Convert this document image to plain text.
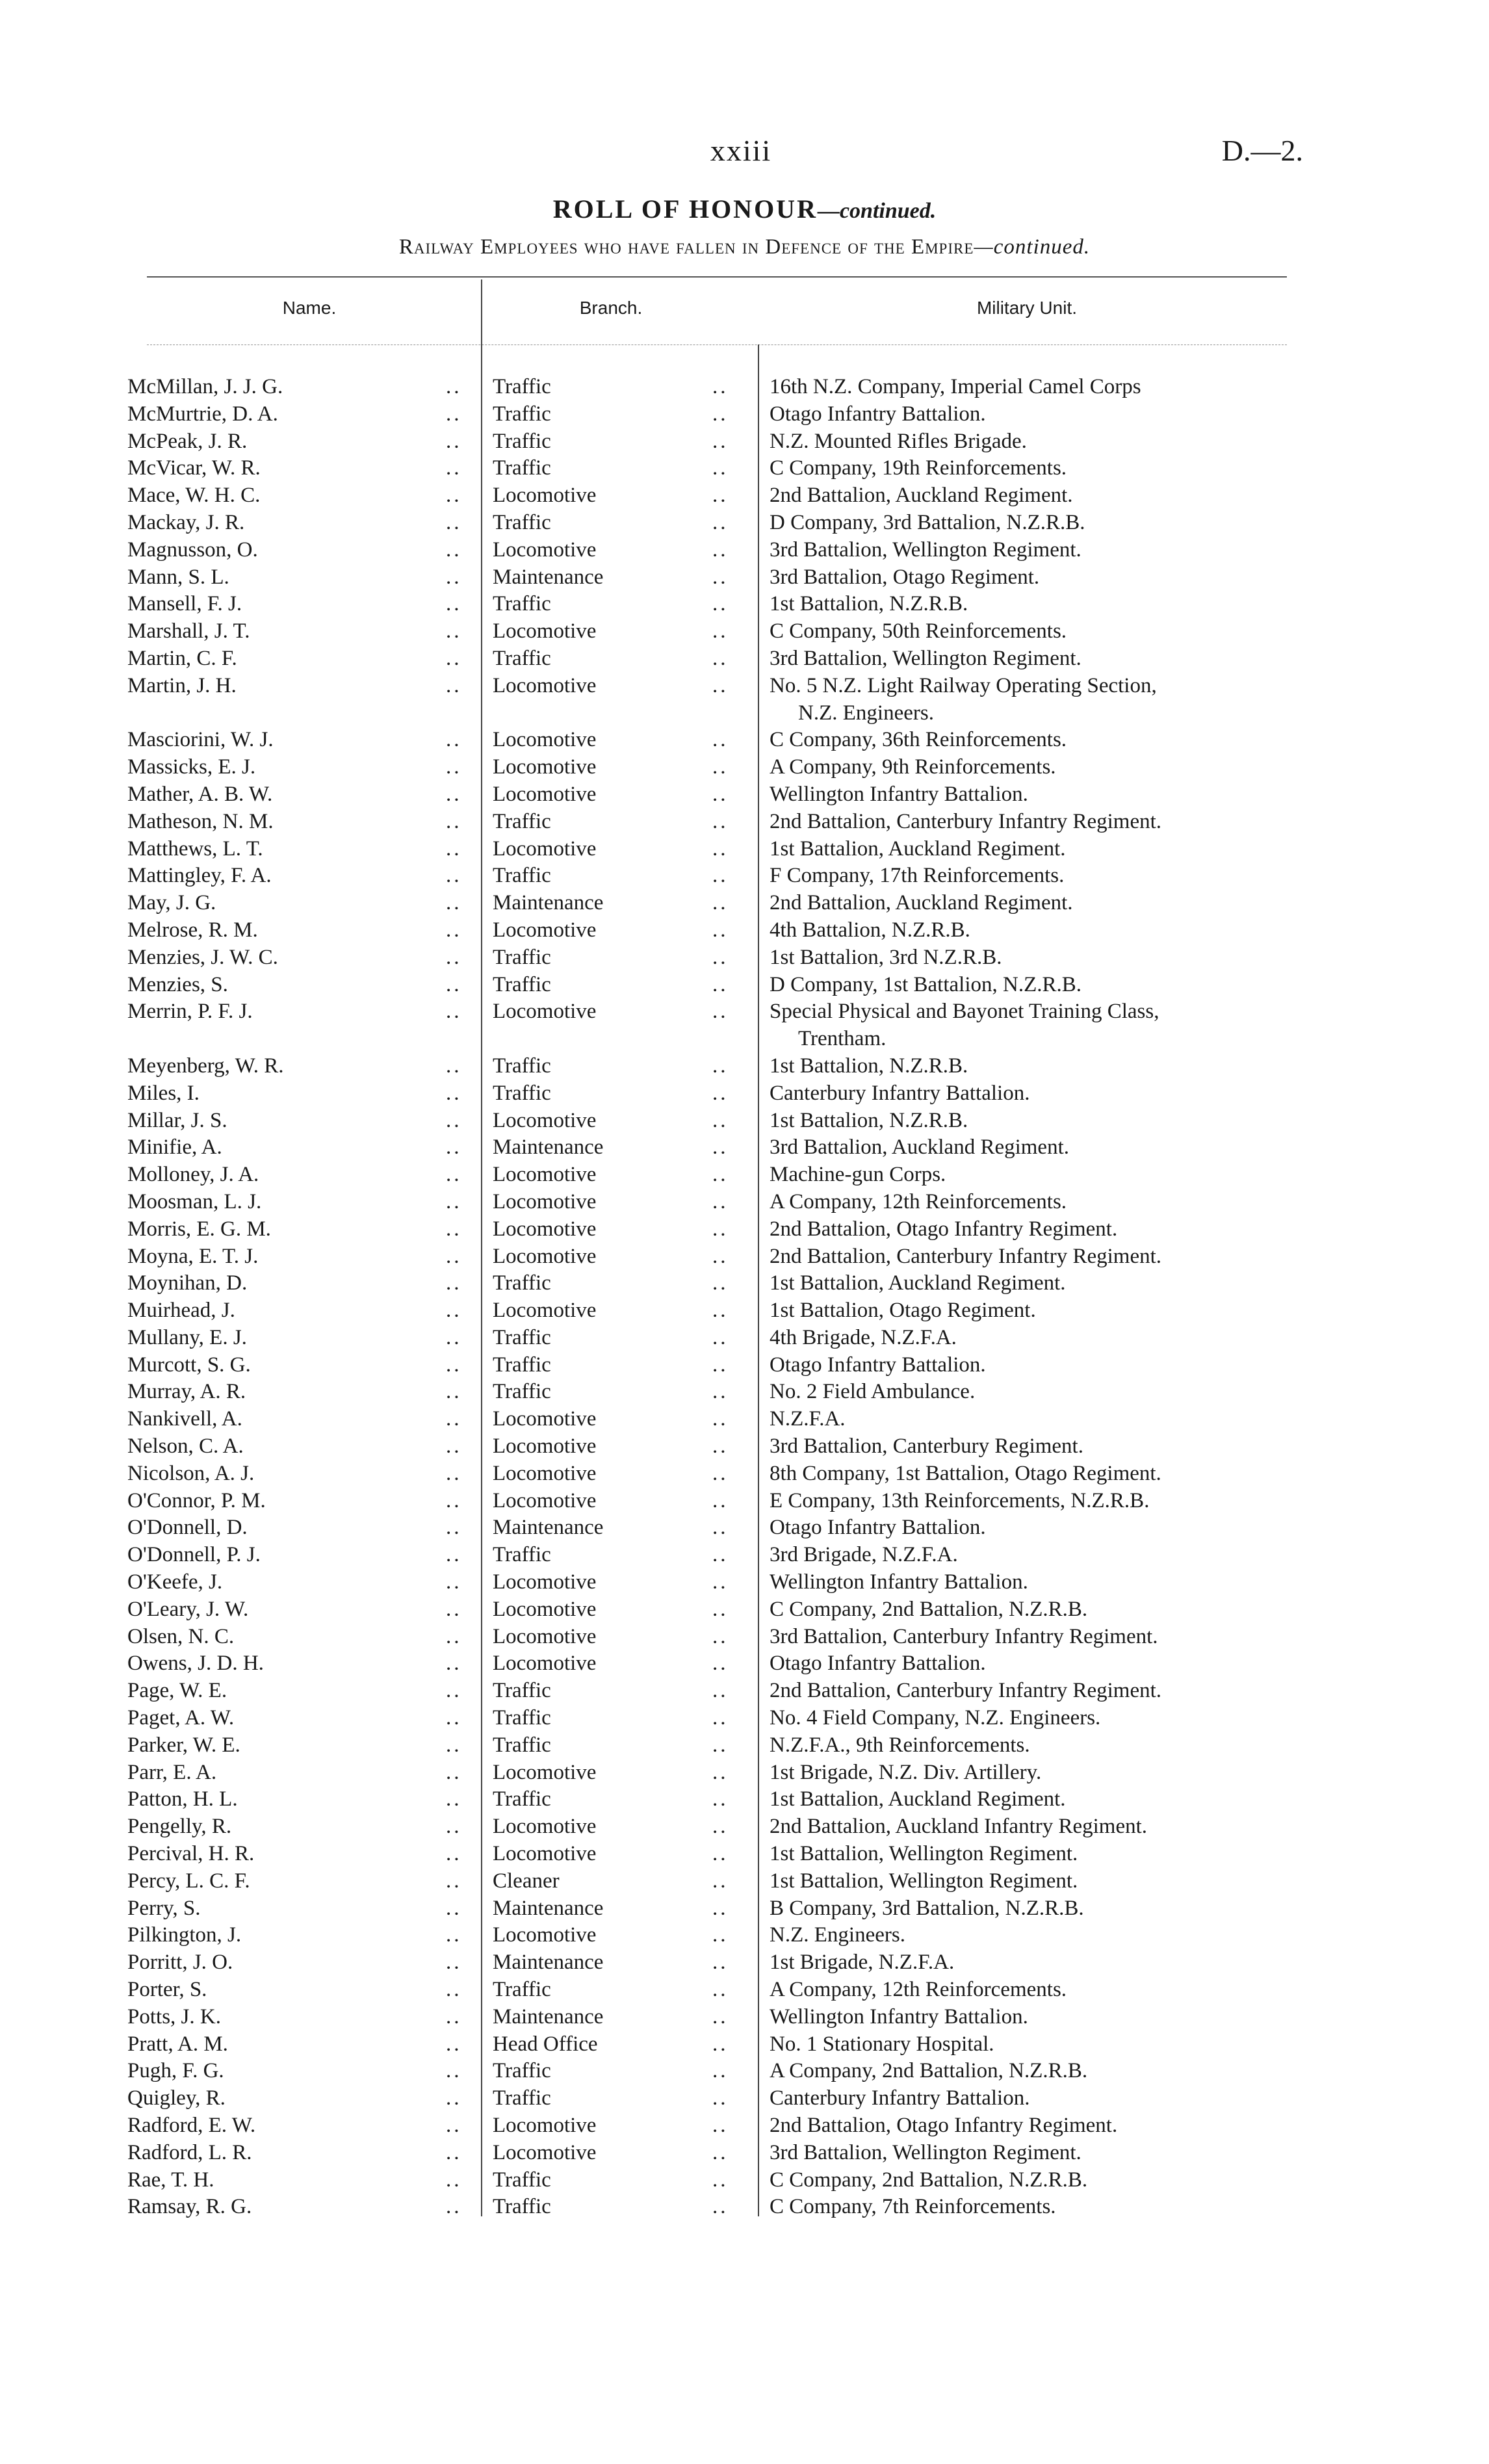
xxiii	D.—2.
ROLL OF HONOUR—continued.
Railway Employees who have fallen in Defence of the Empire—continued.
Name.	Branch.	Military Unit.
McMillan, J. J. G.	.. Traffic	.. 16th N.Z. Company, Imperial Camel Corps
McMurtrie, D. A.	.. Traffic	.. Otago Infantry Battalion.
McPeak, J. R.	.. Traffic	.. N.Z. Mounted Rifles Brigade.
McVicar, W. R.	.. Traffic	.. C Company, 19th Reinforcements.
Mace, W. H. C.	.. Locomotive	.. 2nd Battalion, Auckland Regiment.
Mackay, J. R.	.. Traffic	.. D Company, 3rd Battalion, N.Z.R.B.
Magnusson, O.	.. Locomotive	.. 3rd Battalion, Wellington Regiment.
Mann, S. L.	.. Maintenance	.. 3rd Battalion, Otago Regiment.
Mansell, F. J.	.. Traffic	.. 1st Battalion, N.Z.R.B.
Marshall, J. T.	.. Locomotive	.. C Company, 50th Reinforcements.
Martin, C. F.	.. Traffic	.. 3rd Battalion, Wellington Regiment.
Martin, J. H.	.. Locomotive	.. No. 5 N.Z. Light Railway Operating Section,
N.Z. Engineers.
Masciorini, W. J.	.. Locomotive	.. C Company, 36th Reinforcements.
Massicks, E. J.	.. Locomotive	.. A Company, 9th Reinforcements.
Mather, A. B. W.	.. Locomotive	.. Wellington Infantry Battalion.
Matheson, N. M.	.. Traffic	.. 2nd Battalion, Canterbury Infantry Regiment.
Matthews, L. T.	.. Locomotive	.. 1st Battalion, Auckland Regiment.
Mattingley, F. A.	.. Traffic	.. F Company, 17th Reinforcements.
May, J. G.	.. Maintenance	.. 2nd Battalion, Auckland Regiment.
Melrose, R. M.	.. Locomotive	.. 4th Battalion, N.Z.R.B.
Menzies, J. W. C.	.. Traffic	.. 1st Battalion, 3rd N.Z.R.B.
Menzies, S.	.. Traffic	.. D Company, 1st Battalion, N.Z.R.B.
Merrin, P. F. J.	.. Locomotive	.. Special Physical and Bayonet Training Class,
Trentham.
Meyenberg, W. R.	.. Traffic	.. 1st Battalion, N.Z.R.B.
Miles, I.	.. Traffic	.. Canterbury Infantry Battalion.
Millar, J. S.	.. Locomotive	.. 1st Battalion, N.Z.R.B.
Minifie, A.	.. Maintenance	.. 3rd Battalion, Auckland Regiment.
Molloney, J. A.	.. Locomotive	.. Machine-gun Corps.
Moosman, L. J.	.. Locomotive	.. A Company, 12th Reinforcements.
Morris, E. G. M.	.. Locomotive	.. 2nd Battalion, Otago Infantry Regiment.
Moyna, E. T. J.	.. Locomotive	.. 2nd Battalion, Canterbury Infantry Regiment.
Moynihan, D.	.. Traffic	.. 1st Battalion, Auckland Regiment.
Muirhead, J.	.. Locomotive	.. 1st Battalion, Otago Regiment.
Mullany, E. J.	.. Traffic	.. 4th Brigade, N.Z.F.A.
Murcott, S. G.	.. Traffic	.. Otago Infantry Battalion.
Murray, A. R.	.. Traffic	.. No. 2 Field Ambulance.
Nankivell, A.	.. Locomotive	.. N.Z.F.A.
Nelson, C. A.	.. Locomotive	.. 3rd Battalion, Canterbury Regiment.
Nicolson, A. J.	.. Locomotive	.. 8th Company, 1st Battalion, Otago Regiment.
O'Connor, P. M.	.. Locomotive	.. E Company, 13th Reinforcements, N.Z.R.B.
O'Donnell, D.	.. Maintenance	.. Otago Infantry Battalion.
O'Donnell, P. J.	.. Traffic	.. 3rd Brigade, N.Z.F.A.
O'Keefe, J.	.. Locomotive	.. Wellington Infantry Battalion.
O'Leary, J. W.	.. Locomotive	.. C Company, 2nd Battalion, N.Z.R.B.
Olsen, N. C.	.. Locomotive	.. 3rd Battalion, Canterbury Infantry Regiment.
Owens, J. D. H.	.. Locomotive	.. Otago Infantry Battalion.
Page, W. E.	.. Traffic	.. 2nd Battalion, Canterbury Infantry Regiment.
Paget, A. W.	.. Traffic	.. No. 4 Field Company, N.Z. Engineers.
Parker, W. E.	.. Traffic	.. N.Z.F.A., 9th Reinforcements.
Parr, E. A.	.. Locomotive	.. 1st Brigade, N.Z. Div. Artillery.
Patton, H. L.	.. Traffic	.. 1st Battalion, Auckland Regiment.
Pengelly, R.	.. Locomotive	.. 2nd Battalion, Auckland Infantry Regiment.
Percival, H. R.	.. Locomotive	.. 1st Battalion, Wellington Regiment.
Percy, L. C. F.	.. Cleaner	.. 1st Battalion, Wellington Regiment.
Perry, S.	.. Maintenance	.. B Company, 3rd Battalion, N.Z.R.B.
Pilkington, J.	.. Locomotive	.. N.Z. Engineers.
Porritt, J. O.	.. Maintenance	.. 1st Brigade, N.Z.F.A.
Porter, S.	.. Traffic	.. A Company, 12th Reinforcements.
Potts, J. K.	.. Maintenance	.. Wellington Infantry Battalion.
Pratt, A. M.	.. Head Office	.. No. 1 Stationary Hospital.
Pugh, F. G.	.. Traffic	.. A Company, 2nd Battalion, N.Z.R.B.
Quigley, R.	.. Traffic	.. Canterbury Infantry Battalion.
Radford, E. W.	.. Locomotive	.. 2nd Battalion, Otago Infantry Regiment.
Radford, L. R.	.. Locomotive	.. 3rd Battalion, Wellington Regiment.
Rae, T. H.	.. Traffic	.. C Company, 2nd Battalion, N.Z.R.B.
Ramsay, R. G.	.. Traffic	.. C Company, 7th Reinforcements.
